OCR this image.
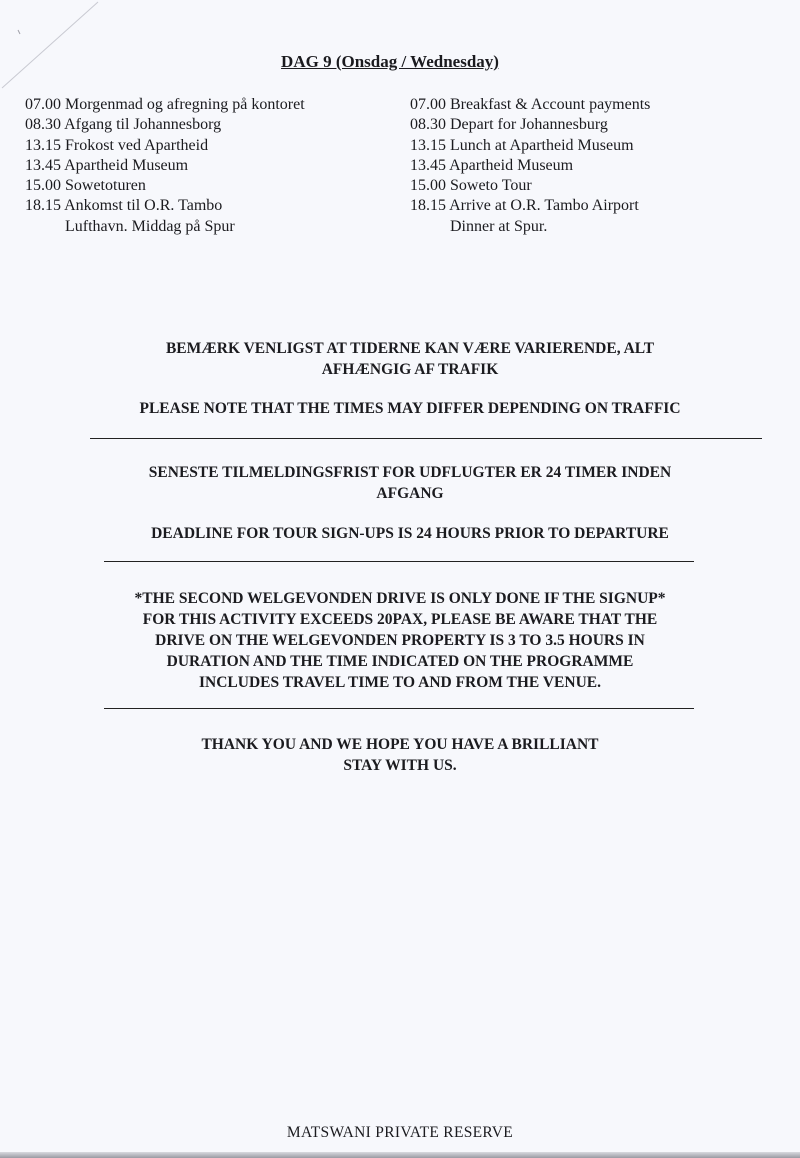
DAG 9 (Onsdag / Wednesday)
07.00 Morgenmad og afregning på kontoret
08.30 Afgang til Johannesborg
13.15 Frokost ved Apartheid
13.45 Apartheid Museum
15.00 Sowetoturen
18.15 Ankomst til O.R. Tambo
Lufthavn. Middag på Spur
07.00 Breakfast & Account payments
08.30 Depart for Johannesburg
13.15 Lunch at Apartheid Museum
13.45 Apartheid Museum
15.00 Soweto Tour
18.15 Arrive at O.R. Tambo Airport
Dinner at Spur.

BEMÆRK VENLIGST AT TIDERNE KAN VÆRE VARIERENDE, ALT
AFHÆNGIG AF TRAFIK

PLEASE NOTE THAT THE TIMES MAY DIFFER DEPENDING ON TRAFFIC

SENESTE TILMELDINGSFRIST FOR UDFLUGTER ER 24 TIMER INDEN
AFGANG

DEADLINE FOR TOUR SIGN-UPS IS 24 HOURS PRIOR TO DEPARTURE

*THE SECOND WELGEVONDEN DRIVE IS ONLY DONE IF THE SIGNUP*
FOR THIS ACTIVITY EXCEEDS 20PAX, PLEASE BE AWARE THAT THE
DRIVE ON THE WELGEVONDEN PROPERTY IS 3 TO 3.5 HOURS IN
DURATION AND THE TIME INDICATED ON THE PROGRAMME
INCLUDES TRAVEL TIME TO AND FROM THE VENUE.

THANK YOU AND WE HOPE YOU HAVE A BRILLIANT
STAY WITH US.

MATSWANI PRIVATE RESERVE
